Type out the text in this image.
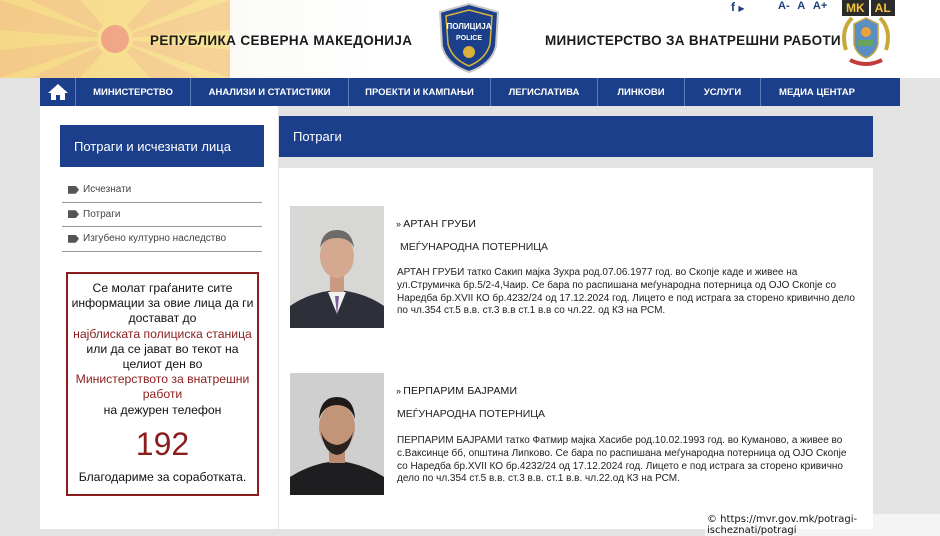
РЕПУБЛИКА СЕВЕРНА МАКЕДОНИЈА
ПОЛИЦИЈА
POLICE	МИНИСТЕРСТВО ЗА ВНАТРЕШНИ РАБОТИ
f ▶	A- A A+	MK AL
МИНИСТЕРСТВО	АНАЛИЗИ И СТАТИСТИКИ	ПРОЕКТИ И КАМПАЊИ	ЛЕГИСЛАТИВА	ЛИНКОВИ	УСЛУГИ	МЕДИА ЦЕНТАР
Потраги и исчезнати лица
Исчезнати
Потраги
Изгубено културно наследство
Се молат граѓаните сите информации за овие лица да ги достават до
најблиската полициска станица
или да се јават во текот на целиот ден во
Министерството за внатрешни работи
на дежурен телефон
192
Благодариме за соработката.
Потраги
» АРТАН ГРУБИ
МЕЃУНАРОДНА ПОТЕРНИЦА
АРТАН ГРУБИ татко Сакип мајка Зухра род.07.06.1977 год. во Скопје каде и живее на ул.Струмичка бр.5/2-4,Чаир. Се бара по распишана меѓународна потерница од ОЈО Скопје со Наредба бр.XVII КО бр.4232/24 од 17.12.2024 год. Лицето е под истрага за сторено кривично дело по чл.354 ст.5 в.в. ст.3 в.в ст.1 в.в со чл.22. од КЗ на РСМ.
» ПЕРПАРИМ БАЈРАМИ
МЕЃУНАРОДНА ПОТЕРНИЦА
ПЕРПАРИМ БАЈРАМИ татко Фатмир мајка Хасибе род.10.02.1993 год. во Куманово, а живее во с.Ваксинце бб, општина Липково. Се бара по распишана меѓународна потерница од ОЈО Скопје со Наредба бр.XVII КО бр.4232/24 од 17.12.2024 год. Лицето е под истрага за сторено кривично дело по чл.354 ст.5 в.в. ст.3 в.в. ст.1 в.в. чл.22.од КЗ на РСМ.
© https://mvr.gov.mk/potragi-ischeznati/potragi
